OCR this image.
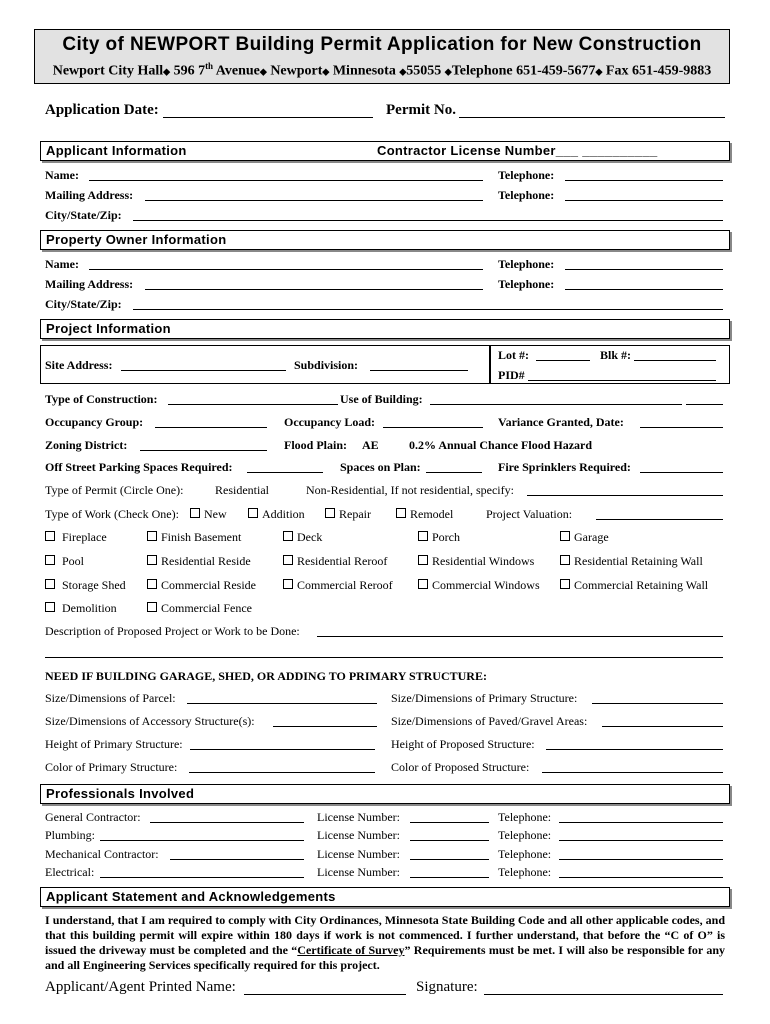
City of NEWPORT Building Permit Application for New Construction
Newport City Hall◆ 596 7th Avenue◆ Newport◆ Minnesota ◆55055 ◆Telephone 651-459-5677◆ Fax 651-459-9883
Application Date:	Permit No.
Applicant Information	Contractor License Number___ __________
Name:	Telephone:
Mailing Address:	Telephone:
City/State/Zip:
Property Owner Information
Name:	Telephone:
Mailing Address:	Telephone:
City/State/Zip:
Project Information
Site Address:	Subdivision:
Lot #:	Blk #:
PID#
Type of Construction:	Use of Building:
Occupancy Group:	Occupancy Load:	Variance Granted, Date:
Zoning District:	Flood Plain: AE	0.2% Annual Chance Flood Hazard
Off Street Parking Spaces Required:	Spaces on Plan:	Fire Sprinklers Required:
Type of Permit (Circle One):	Residential	Non-Residential, If not residential, specify:
Type of Work (Check One):	New	Addition	Repair	Remodel	Project Valuation:
Fireplace	Finish Basement	Deck	Porch	Garage
Pool	Residential Reside	Residential Reroof	Residential Windows	Residential Retaining Wall
Storage Shed	Commercial Reside	Commercial Reroof	Commercial Windows	Commercial Retaining Wall
Demolition	Commercial Fence
Description of Proposed Project or Work to be Done:
NEED IF BUILDING GARAGE, SHED, OR ADDING TO PRIMARY STRUCTURE:
Size/Dimensions of Parcel:	Size/Dimensions of Primary Structure:
Size/Dimensions of Accessory Structure(s):	Size/Dimensions of Paved/Gravel Areas:
Height of Primary Structure:	Height of Proposed Structure:
Color of Primary Structure:	Color of Proposed Structure:
Professionals Involved
General Contractor:	License Number:	Telephone:
Plumbing:	License Number:	Telephone:
Mechanical Contractor:	License Number:	Telephone:
Electrical:	License Number:	Telephone:
Applicant Statement and Acknowledgements
I understand, that I am required to comply with City Ordinances, Minnesota State Building Code and all other applicable codes, and that this building permit will expire within 180 days if work is not commenced. I further understand, that before the “C of O” is issued the driveway must be completed and the “Certificate of Survey” Requirements must be met. I will also be responsible for any and all Engineering Services specifically required for this project.
Applicant/Agent Printed Name:	Signature:
